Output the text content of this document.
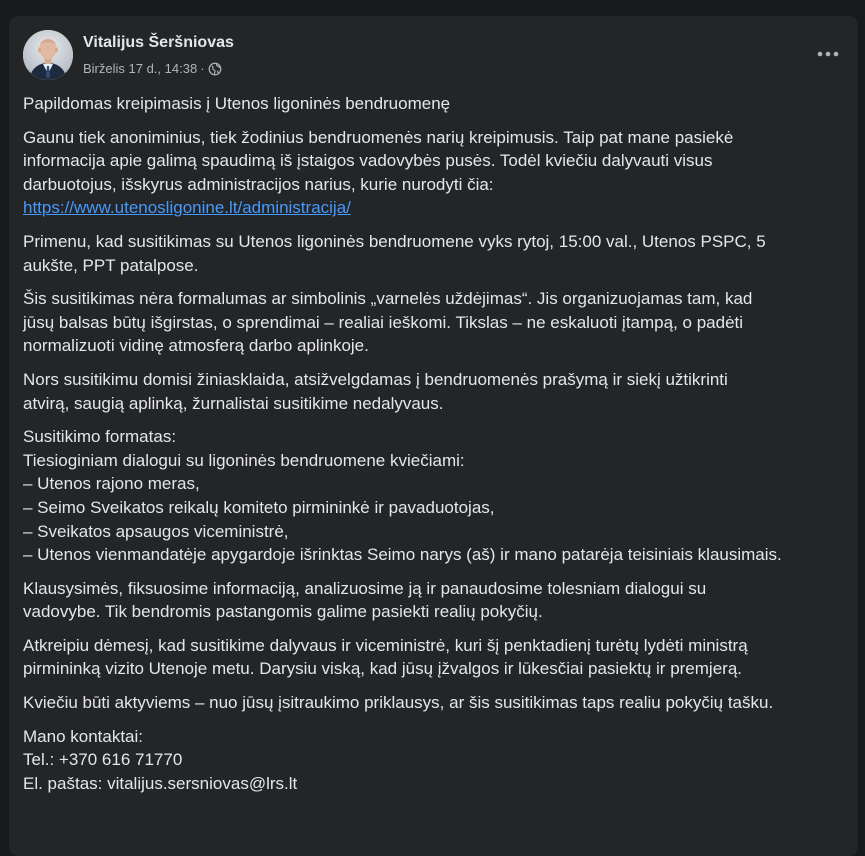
Vitalijus Šeršniovas
Birželis 17 d., 14:38 ·

Papildomas kreipimasis į Utenos ligoninės bendruomenę

Gaunu tiek anoniminius, tiek žodinius bendruomenės narių kreipimusis. Taip pat mane pasiekė
informacija apie galimą spaudimą iš įstaigos vadovybės pusės. Todėl kviečiu dalyvauti visus
darbuotojus, išskyrus administracijos narius, kurie nurodyti čia:
https://www.utenosligonine.lt/administracija/

Primenu, kad susitikimas su Utenos ligoninės bendruomene vyks rytoj, 15:00 val., Utenos PSPC, 5
aukšte, PPT patalpose.

Šis susitikimas nėra formalumas ar simbolinis „varnelės uždėjimas“. Jis organizuojamas tam, kad
jūsų balsas būtų išgirstas, o sprendimai – realiai ieškomi. Tikslas – ne eskaluoti įtampą, o padėti
normalizuoti vidinę atmosferą darbo aplinkoje.

Nors susitikimu domisi žiniasklaida, atsižvelgdamas į bendruomenės prašymą ir siekį užtikrinti
atvirą, saugią aplinką, žurnalistai susitikime nedalyvaus.

Susitikimo formatas:
Tiesioginiam dialogui su ligoninės bendruomene kviečiami:
– Utenos rajono meras,
– Seimo Sveikatos reikalų komiteto pirmininkė ir pavaduotojas,
– Sveikatos apsaugos viceministrė,
– Utenos vienmandatėje apygardoje išrinktas Seimo narys (aš) ir mano patarėja teisiniais klausimais.

Klausysimės, fiksuosime informaciją, analizuosime ją ir panaudosime tolesniam dialogui su
vadovybe. Tik bendromis pastangomis galime pasiekti realių pokyčių.

Atkreipiu dėmesį, kad susitikime dalyvaus ir viceministrė, kuri šį penktadienį turėtų lydėti ministrą
pirmininką vizito Utenoje metu. Darysiu viską, kad jūsų įžvalgos ir lūkesčiai pasiektų ir premjerą.

Kviečiu būti aktyviems – nuo jūsų įsitraukimo priklausys, ar šis susitikimas taps realiu pokyčių tašku.

Mano kontaktai:
Tel.: +370 616 71770
El. paštas: vitalijus.sersniovas@lrs.lt
